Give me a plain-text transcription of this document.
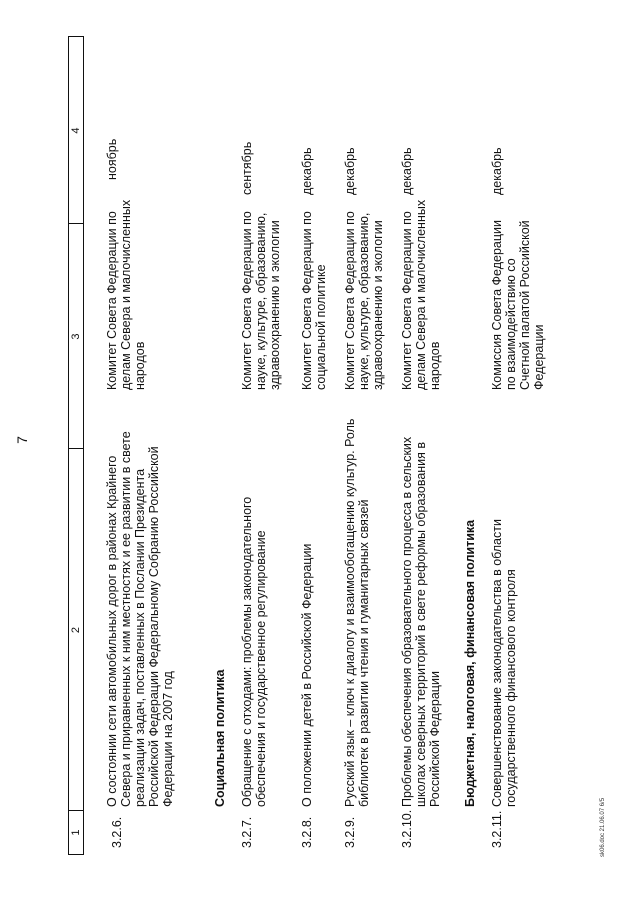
7
1
2
3
4
3.2.6.
О состоянии сети автомобильных дорог в районах Крайнего Севера и приравненных к ним местностях и ее развитии в свете реализации задач, поставленных в Послании Президента Российской Федерации Федеральному Собранию Российской Федерации на 2007 год
Комитет Совета Федерации по делам Севера и малочисленных народов
ноябрь
Социальная политика
3.2.7.
Обращение с отходами: проблемы законодательного обеспечения и государственное регулирование
Комитет Совета Федерации по науке, культуре, образованию, здравоохранению и экологии
сентябрь
3.2.8.
О положении детей в Российской Федерации
Комитет Совета Федерации по социальной политике
декабрь
3.2.9.
Русский язык – ключ к диалогу и взаимообогащению культур. Роль библиотек в развитии чтения и гуманитарных связей
Комитет Совета Федерации по науке, культуре, образованию, здравоохранению и экологии
декабрь
3.2.10.
Проблемы обеспечения образовательного процесса в сельских школах северных территорий в свете реформы образования в Российской Федерации
Комитет Совета Федерации по делам Севера и малочисленных народов
декабрь
Бюджетная, налоговая, финансовая политика
3.2.11.
Совершенствование законодательства в области государственного финансового контроля
Комиссия Совета Федерации по взаимодействию со Счетной палатой Российской Федерации
декабрь
sk06.doc 21.06.07 6/5
